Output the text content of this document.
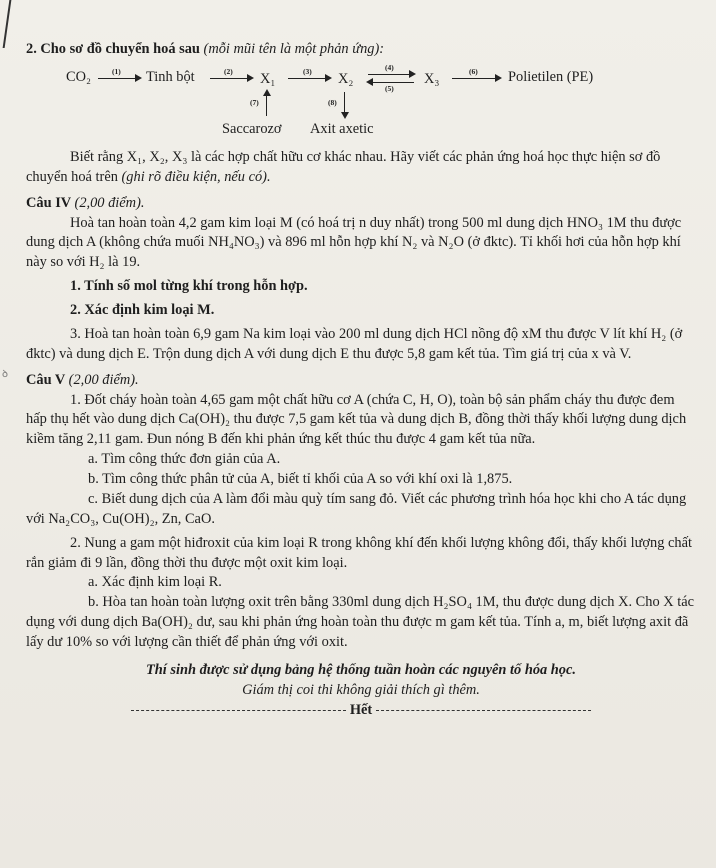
ꝺ

2. Cho sơ đồ chuyển hoá sau (mỗi mũi tên là một phản ứng):

CO₂	(1) Tinh bột	(2) X₁	(3) X₂
(4)
(5)
X₃	(6) Polietilen (PE)
(7)
Saccarozơ
(8)
Axit axetic

Biết rằng X₁, X₂, X₃ là các hợp chất hữu cơ khác nhau. Hãy viết các phản ứng hoá học thực hiện sơ đồ chuyển hoá trên (ghi rõ điều kiện, nếu có).

Câu IV (2,00 điểm).

Hoà tan hoàn toàn 4,2 gam kim loại M (có hoá trị n duy nhất) trong 500 ml dung dịch HNO₃ 1M thu được dung dịch A (không chứa muối NH₄NO₃) và 896 ml hỗn hợp khí N₂ và N₂O (ở đktc). Tỉ khối hơi của hỗn hợp khí này so với H₂ là 19.

1. Tính số mol từng khí trong hỗn hợp.

2. Xác định kim loại M.

3. Hoà tan hoàn toàn 6,9 gam Na kim loại vào 200 ml dung dịch HCl nồng độ xM thu được V lít khí H₂ (ở đktc) và dung dịch E. Trộn dung dịch A với dung dịch E thu được 5,8 gam kết tủa. Tìm giá trị của x và V.

Câu V (2,00 điểm).

1. Đốt cháy hoàn toàn 4,65 gam một chất hữu cơ A (chứa C, H, O), toàn bộ sản phẩm cháy thu được đem hấp thụ hết vào dung dịch Ca(OH)₂ thu được 7,5 gam kết tủa và dung dịch B, đồng thời thấy khối lượng dung dịch kiềm tăng 2,11 gam. Đun nóng B đến khi phản ứng kết thúc thu được 4 gam kết tủa nữa.

a. Tìm công thức đơn giản của A.

b. Tìm công thức phân tử của A, biết tỉ khối của A so với khí oxi là 1,875.

c. Biết dung dịch của A làm đổi màu quỳ tím sang đỏ. Viết các phương trình hóa học khi cho A tác dụng với Na₂CO₃, Cu(OH)₂, Zn, CaO.

2. Nung a gam một hiđroxit của kim loại R trong không khí đến khối lượng không đổi, thấy khối lượng chất rắn giảm đi 9 lần, đồng thời thu được một oxit kim loại.

a. Xác định kim loại R.

b. Hòa tan hoàn toàn lượng oxit trên bằng 330ml dung dịch H₂SO₄ 1M, thu được dung dịch X. Cho X tác dụng với dung dịch Ba(OH)₂ dư, sau khi phản ứng hoàn toàn thu được m gam kết tủa. Tính a, m, biết lượng axit đã lấy dư 10% so với lượng cần thiết để phản ứng với oxit.

Thí sinh được sử dụng bảng hệ thống tuần hoàn các nguyên tố hóa học.

Giám thị coi thi không giải thích gì thêm.

Hết
